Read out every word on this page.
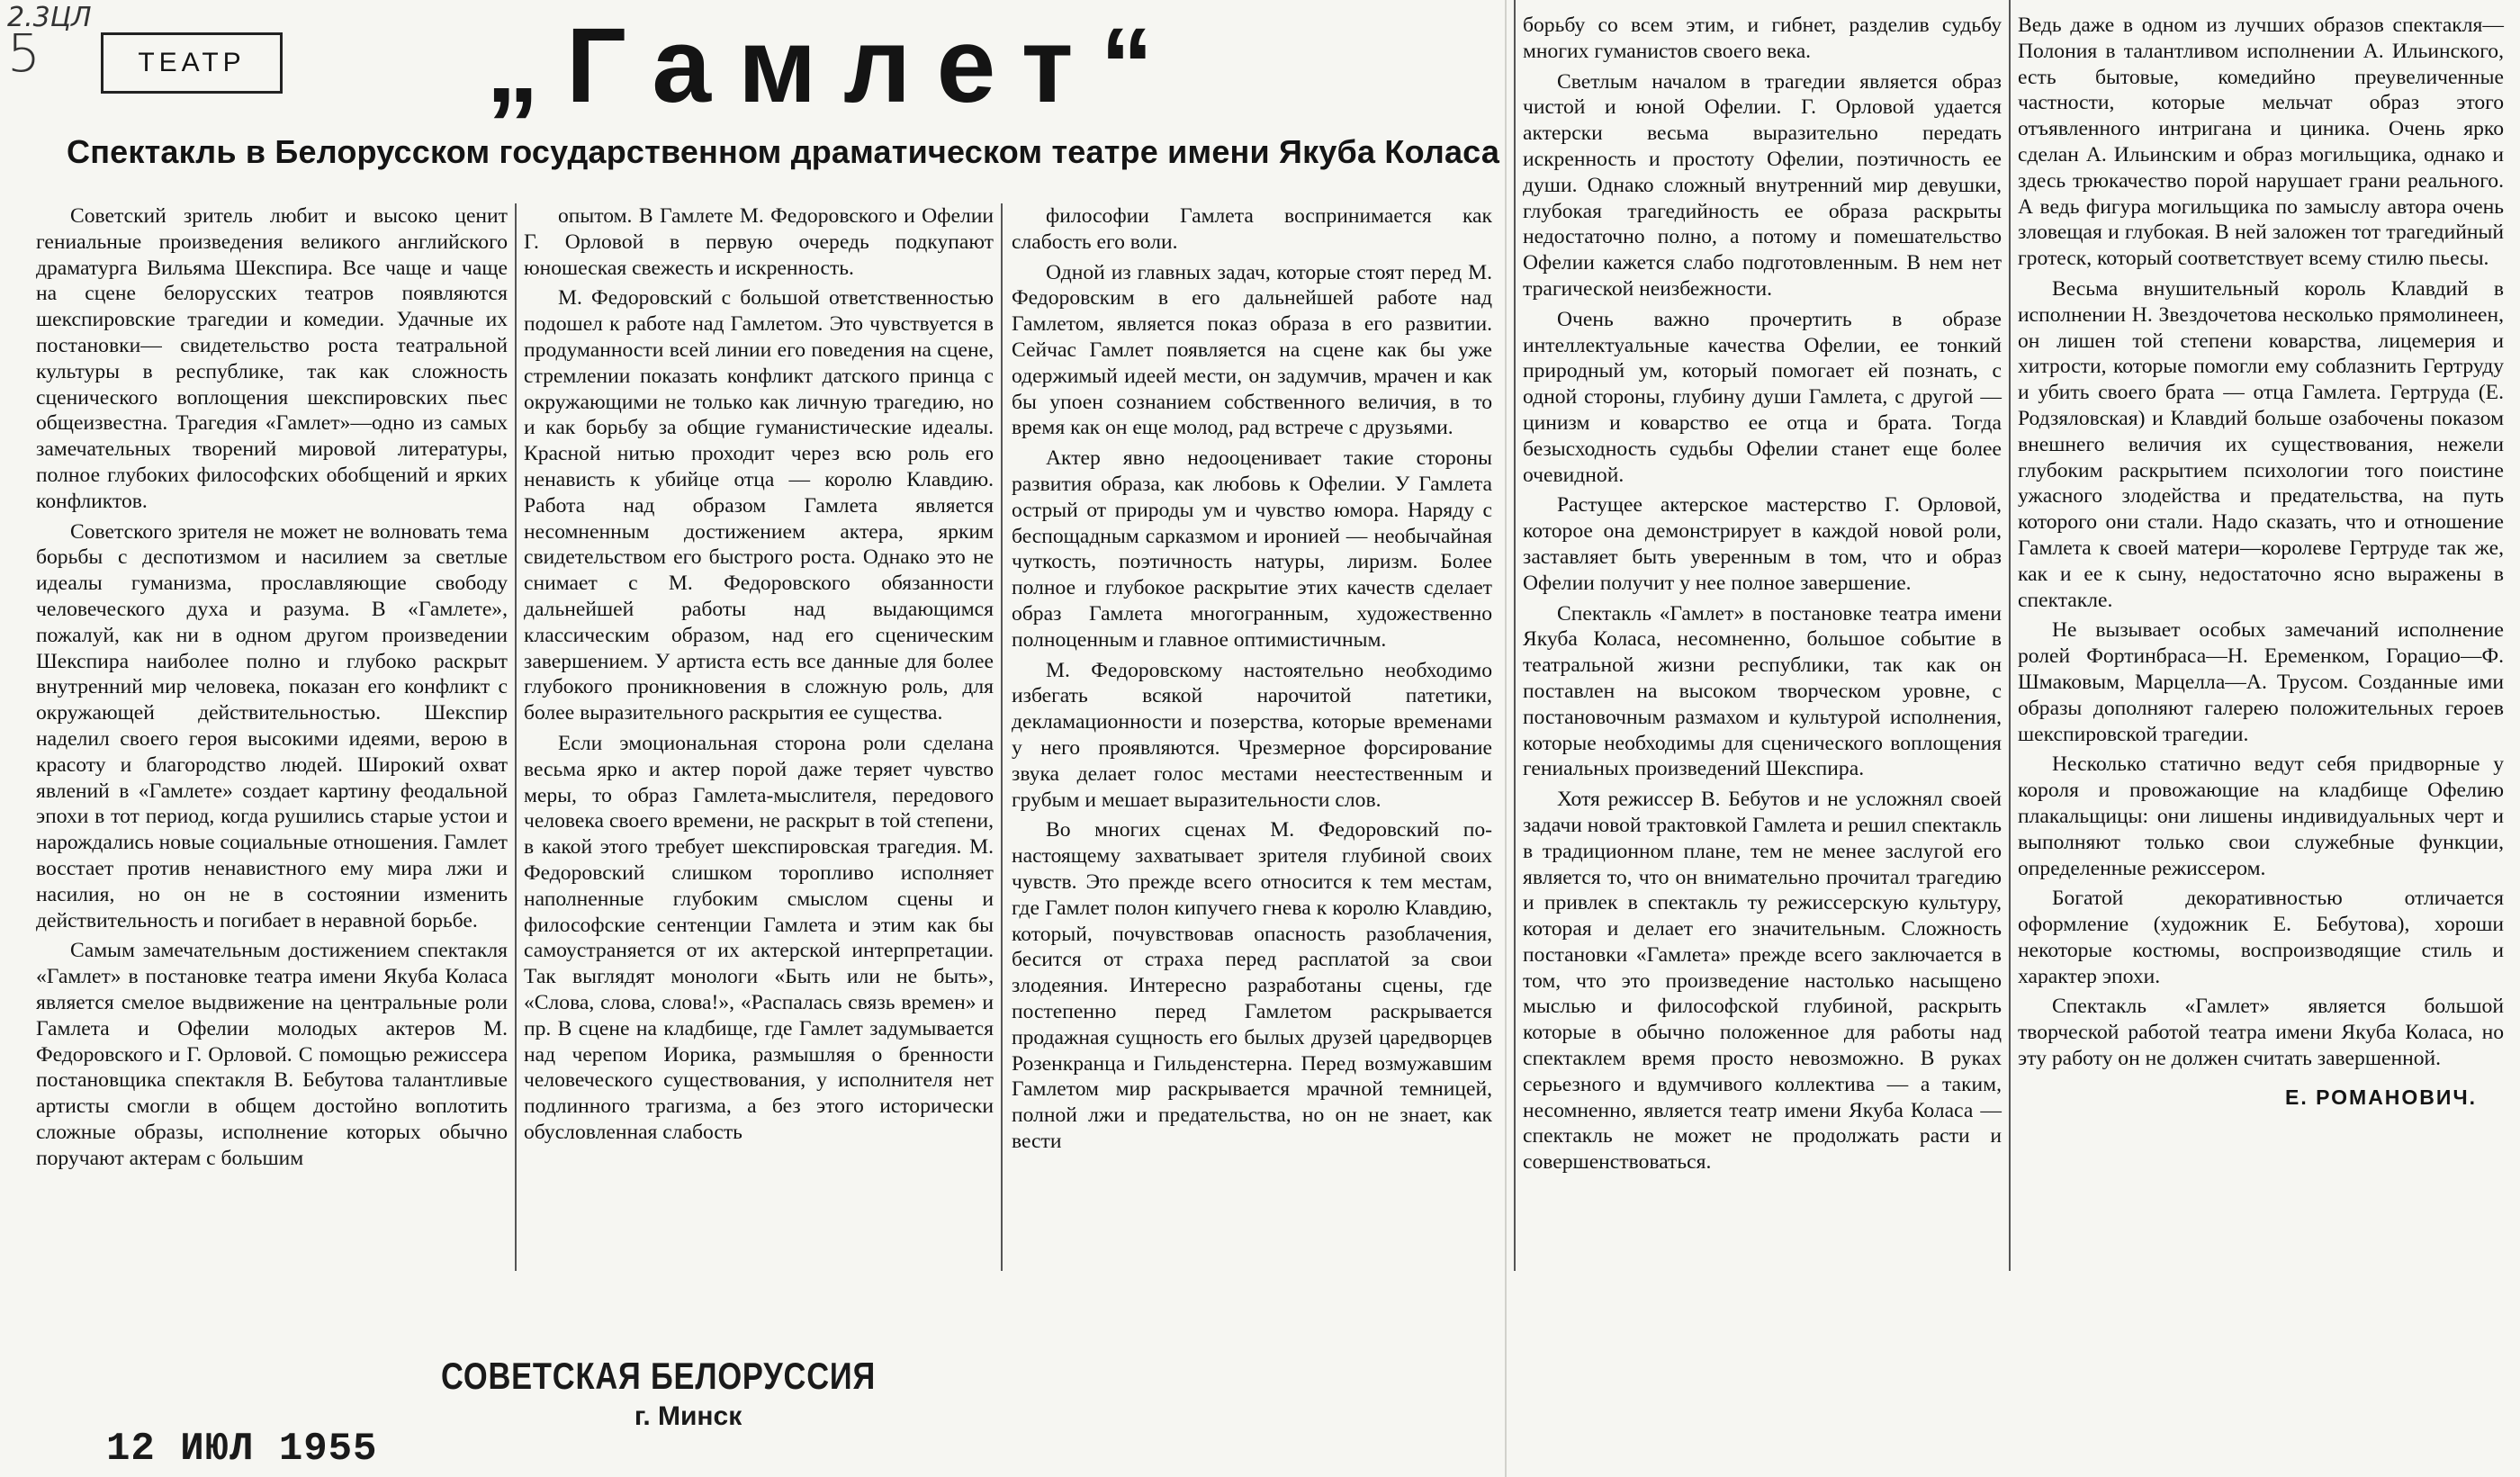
2.3ЦЛ
5	ТЕАТР „Гамлет“
Спектакль в Белорусском государственном драматическом театре имени Якуба Коласа

Советский зритель любит и высоко ценит гениальные произведения великого английского драматурга Вильяма Шекспира. Все чаще и чаще на сцене белорусских театров появляются шекспировские трагедии и комедии. Удачные их постановки— свидетельство роста театральной культуры в республике, так как сложность сценического воплощения шекспировских пьес общеизвестна. Трагедия «Гамлет»—одно из самых замечательных творений мировой литературы, полное глубоких философских обобщений и ярких конфликтов.

Советского зрителя не может не волновать тема борьбы с деспотизмом и насилием за светлые идеалы гуманизма, прославляющие свободу человеческого духа и разума. В «Гамлете», пожалуй, как ни в одном другом произведении Шекспира наиболее полно и глубоко раскрыт внутренний мир человека, показан его конфликт с окружающей действительностью. Шекспир наделил своего героя высокими идеями, верою в красоту и благородство людей. Широкий охват явлений в «Гамлете» создает картину феодальной эпохи в тот период, когда рушились старые устои и нарождались новые социальные отношения. Гамлет восстает против ненавистного ему мира лжи и насилия, но он не в состоянии изменить действительность и погибает в неравной борьбе.

Самым замечательным достижением спектакля «Гамлет» в постановке театра имени Якуба Коласа является смелое выдвижение на центральные роли Гамлета и Офелии молодых актеров М. Федоровского и Г. Орловой. С помощью режиссера постановщика спектакля В. Бебутова талантливые артисты смогли в общем достойно воплотить сложные образы, исполнение которых обычно поручают актерам с большим

опытом. В Гамлете М. Федоровского и Офелии Г. Орловой в первую очередь подкупают юношеская свежесть и искренность.

М. Федоровский с большой ответственностью подошел к работе над Гамлетом. Это чувствуется в продуманности всей линии его поведения на сцене, стремлении показать конфликт датского принца с окружающими не только как личную трагедию, но и как борьбу за общие гуманистические идеалы. Красной нитью проходит через всю роль его ненависть к убийце отца — королю Клавдию. Работа над образом Гамлета является несомненным достижением актера, ярким свидетельством его быстрого роста. Однако это не снимает с М. Федоровского обязанности дальнейшей работы над выдающимся классическим образом, над его сценическим завершением. У артиста есть все данные для более глубокого проникновения в сложную роль, для более выразительного раскрытия ее существа.

Если эмоциональная сторона роли сделана весьма ярко и актер порой даже теряет чувство меры, то образ Гамлета-мыслителя, передового человека своего времени, не раскрыт в той степени, в какой этого требует шекспировская трагедия. М. Федоровский слишком торопливо исполняет наполненные глубоким смыслом сцены и философские сентенции Гамлета и этим как бы самоустраняется от их актерской интерпретации. Так выглядят монологи «Быть или не быть», «Слова, слова, слова!», «Распалась связь времен» и пр. В сцене на кладбище, где Гамлет задумывается над черепом Иорика, размышляя о бренности человеческого существования, у исполнителя нет подлинного трагизма, а без этого исторически обусловленная слабость

философии Гамлета воспринимается как слабость его воли.

Одной из главных задач, которые стоят перед М. Федоровским в его дальнейшей работе над Гамлетом, является показ образа в его развитии. Сейчас Гамлет появляется на сцене как бы уже одержимый идеей мести, он задумчив, мрачен и как бы упоен сознанием собственного величия, в то время как он еще молод, рад встрече с друзьями.

Актер явно недооценивает такие стороны развития образа, как любовь к Офелии. У Гамлета острый от природы ум и чувство юмора. Наряду с беспощадным сарказмом и иронией — необычайная чуткость, поэтичность натуры, лиризм. Более полное и глубокое раскрытие этих качеств сделает образ Гамлета многогранным, художественно полноценным и главное оптимистичным.

М. Федоровскому настоятельно необходимо избегать всякой нарочитой патетики, декламационности и позерства, которые временами у него проявляются. Чрезмерное форсирование звука делает голос местами неестественным и грубым и мешает выразительности слов.

Во многих сценах М. Федоровский по-настоящему захватывает зрителя глубиной своих чувств. Это прежде всего относится к тем местам, где Гамлет полон кипучего гнева к королю Клавдию, который, почувствовав опасность разоблачения, бесится от страха перед расплатой за свои злодеяния. Интересно разработаны сцены, где постепенно перед Гамлетом раскрывается продажная сущность его былых друзей царедворцев Розенкранца и Гильденстерна. Перед возмужавшим Гамлетом мир раскрывается мрачной темницей, полной лжи и предательства, но он не знает, как вести

борьбу со всем этим, и гибнет, разделив судьбу многих гуманистов своего века.

Светлым началом в трагедии является образ чистой и юной Офелии. Г. Орловой удается актерски весьма выразительно передать искренность и простоту Офелии, поэтичность ее души. Однако сложный внутренний мир девушки, глубокая трагедийность ее образа раскрыты недостаточно полно, а потому и помешательство Офелии кажется слабо подготовленным. В нем нет трагической неизбежности.

Очень важно прочертить в образе интеллектуальные качества Офелии, ее тонкий природный ум, который помогает ей познать, с одной стороны, глубину души Гамлета, с другой — цинизм и коварство ее отца и брата. Тогда безысходность судьбы Офелии станет еще более очевидной.

Растущее актерское мастерство Г. Орловой, которое она демонстрирует в каждой новой роли, заставляет быть уверенным в том, что и образ Офелии получит у нее полное завершение.

Спектакль «Гамлет» в постановке театра имени Якуба Коласа, несомненно, большое событие в театральной жизни республики, так как он поставлен на высоком творческом уровне, с постановочным размахом и культурой исполнения, которые необходимы для сценического воплощения гениальных произведений Шекспира.

Хотя режиссер В. Бебутов и не усложнял своей задачи новой трактовкой Гамлета и решил спектакль в традиционном плане, тем не менее заслугой его является то, что он внимательно прочитал трагедию и привлек в спектакль ту режиссерскую культуру, которая и делает его значительным. Сложность постановки «Гамлета» прежде всего заключается в том, что это произведение настолько насыщено мыслью и философской глубиной, раскрыть которые в обычно положенное для работы над спектаклем время просто невозможно. В руках серьезного и вдумчивого коллектива — а таким, несомненно, является театр имени Якуба Коласа — спектакль не может не продолжать расти и совершенствоваться.

Ведь даже в одном из лучших образов спектакля—Полония в талантливом исполнении А. Ильинского, есть бытовые, комедийно преувеличенные частности, которые мельчат образ этого отъявленного интригана и циника. Очень ярко сделан А. Ильинским и образ могильщика, однако и здесь трюкачество порой нарушает грани реального. А ведь фигура могильщика по замыслу автора очень зловещая и глубокая. В ней заложен тот трагедийный гротеск, который соответствует всему стилю пьесы.

Весьма внушительный король Клавдий в исполнении Н. Звездочетова несколько прямолинеен, он лишен той степени коварства, лицемерия и хитрости, которые помогли ему соблазнить Гертруду и убить своего брата — отца Гамлета. Гертруда (Е. Родзяловская) и Клавдий больше озабочены показом внешнего величия их существования, нежели глубоким раскрытием психологии того поистине ужасного злодейства и предательства, на путь которого они стали. Надо сказать, что и отношение Гамлета к своей матери—королеве Гертруде так же, как и ее к сыну, недостаточно ясно выражены в спектакле.

Не вызывает особых замечаний исполнение ролей Фортинбраса—Н. Еременком, Горацио—Ф. Шмаковым, Марцелла—А. Трусом. Созданные ими образы дополняют галерею положительных героев шекспировской трагедии.

Несколько статично ведут себя придворные у короля и провожающие на кладбище Офелию плакальщицы: они лишены индивидуальных черт и выполняют только свои служебные функции, определенные режиссером.

Богатой декоративностью отличается оформление (художник Е. Бебутова), хороши некоторые костюмы, воспроизводящие стиль и характер эпохи.

Спектакль «Гамлет» является большой творческой работой театра имени Якуба Коласа, но эту работу он не должен считать завершенной.

Е. РОМАНОВИЧ.
СОВЕТСКАЯ БЕЛОРУССИЯ
г. Минск
12 ИЮЛ 1955
